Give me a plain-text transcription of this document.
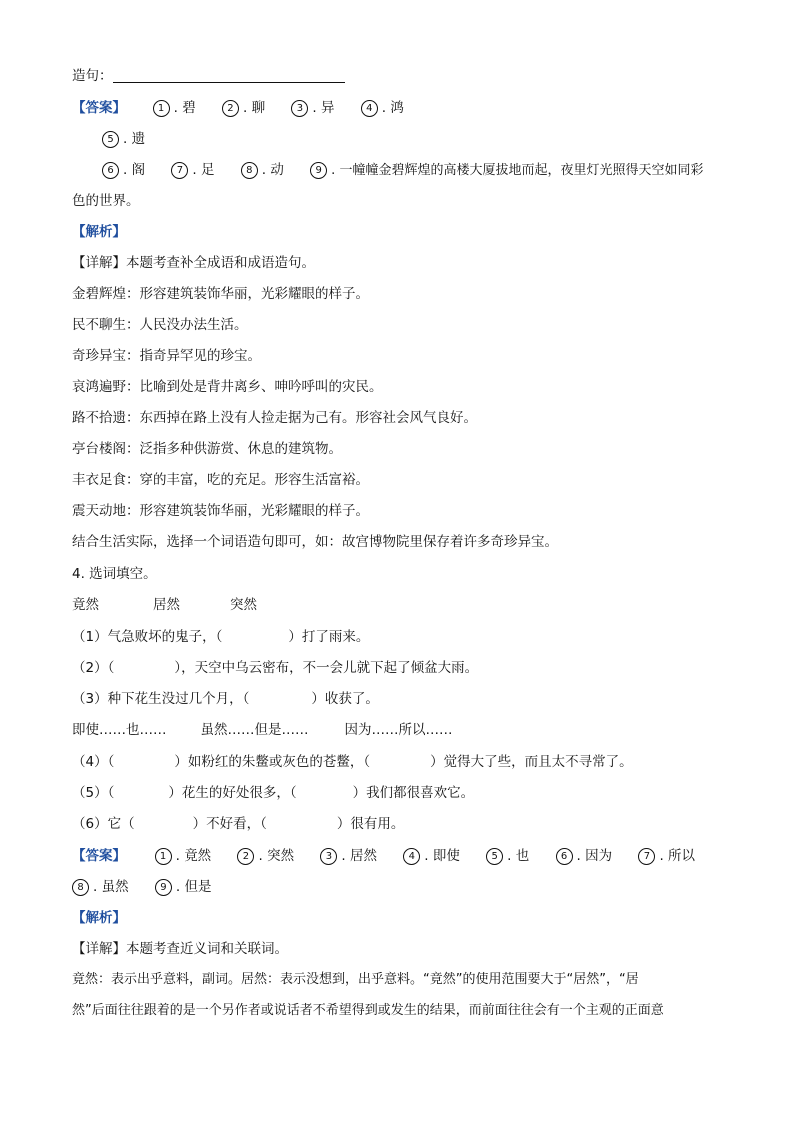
造句：
【答案】	1 . 碧	2 . 聊	3 . 异	4 . 鸿
5 . 遗
6 . 阁	7 . 足	8 . 动	9 . 一幢幢金碧辉煌的高楼大厦拔地而起，夜里灯光照得天空如同彩
色的世界。
【解析】
【详解】本题考查补全成语和成语造句。
金碧辉煌：形容建筑装饰华丽，光彩耀眼的样子。
民不聊生：人民没办法生活。
奇珍异宝：指奇异罕见的珍宝。
哀鸿遍野：比喻到处是背井离乡、呻吟呼叫的灾民。
路不拾遗：东西掉在路上没有人捡走据为己有。形容社会风气良好。
亭台楼阁：泛指多种供游赏、休息的建筑物。
丰衣足食：穿的丰富，吃的充足。形容生活富裕。
震天动地：形容建筑装饰华丽，光彩耀眼的样子。
结合生活实际，选择一个词语造句即可，如：故宫博物院里保存着许多奇珍异宝。
4. 选词填空。
竟然	居然	突然
（1）气急败坏的鬼子，（	）打了雨来。
（2）（	），天空中乌云密布，不一会儿就下起了倾盆大雨。
（3）种下花生没过几个月，（	）收获了。
即使……也……	虽然……但是……	因为……所以……
（4）（	）如粉红的朱鳖或灰色的苍鳖，（	）觉得大了些，而且太不寻常了。
（5）（	）花生的好处很多，（	）我们都很喜欢它。
（6）它（	）不好看，（	）很有用。
【答案】	1 . 竟然	2 . 突然	3 . 居然	4 . 即使	5 . 也	6 . 因为	7 . 所以
8 . 虽然	9 . 但是
【解析】
【详解】本题考查近义词和关联词。
竟然：表示出乎意料，副词。居然：表示没想到，出乎意料。“竟然”的使用范围要大于“居然”，“居
然”后面往往跟着的是一个另作者或说话者不希望得到或发生的结果，而前面往往会有一个主观的正面意
